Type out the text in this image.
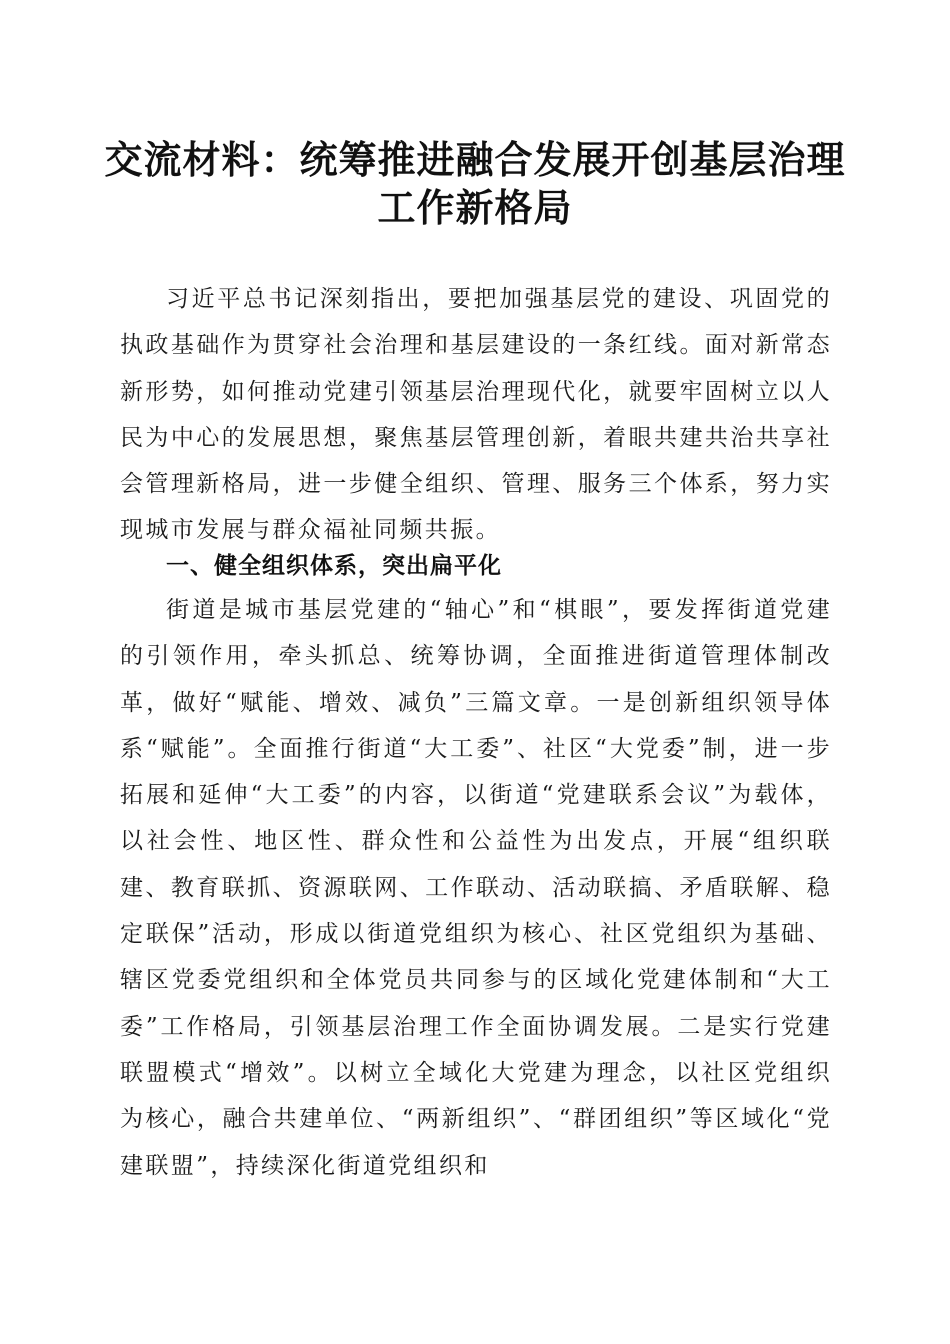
交流材料：统筹推进融合发展开创基层治理工作新格局
习近平总书记深刻指出，要把加强基层党的建设、巩固党的执政基础作为贯穿社会治理和基层建设的一条红线。面对新常态新形势，如何推动党建引领基层治理现代化，就要牢固树立以人民为中心的发展思想，聚焦基层管理创新，着眼共建共治共享社会管理新格局，进一步健全组织、管理、服务三个体系，努力实现城市发展与群众福祉同频共振。
一、健全组织体系，突出扁平化
街道是城市基层党建的“轴心”和“棋眼”，要发挥街道党建的引领作用，牵头抓总、统筹协调，全面推进街道管理体制改革，做好“赋能、增效、减负”三篇文章。一是创新组织领导体系“赋能”。全面推行街道“大工委”、社区“大党委”制，进一步拓展和延伸“大工委”的内容，以街道“党建联系会议”为载体，以社会性、地区性、群众性和公益性为出发点，开展“组织联建、教育联抓、资源联网、工作联动、活动联搞、矛盾联解、稳定联保”活动，形成以街道党组织为核心、社区党组织为基础、辖区党委党组织和全体党员共同参与的区域化党建体制和“大工委”工作格局，引领基层治理工作全面协调发展。二是实行党建联盟模式“增效”。以树立全域化大党建为理念，以社区党组织为核心，融合共建单位、“两新组织”、“群团组织”等区域化“党建联盟”，持续深化街道党组织和
